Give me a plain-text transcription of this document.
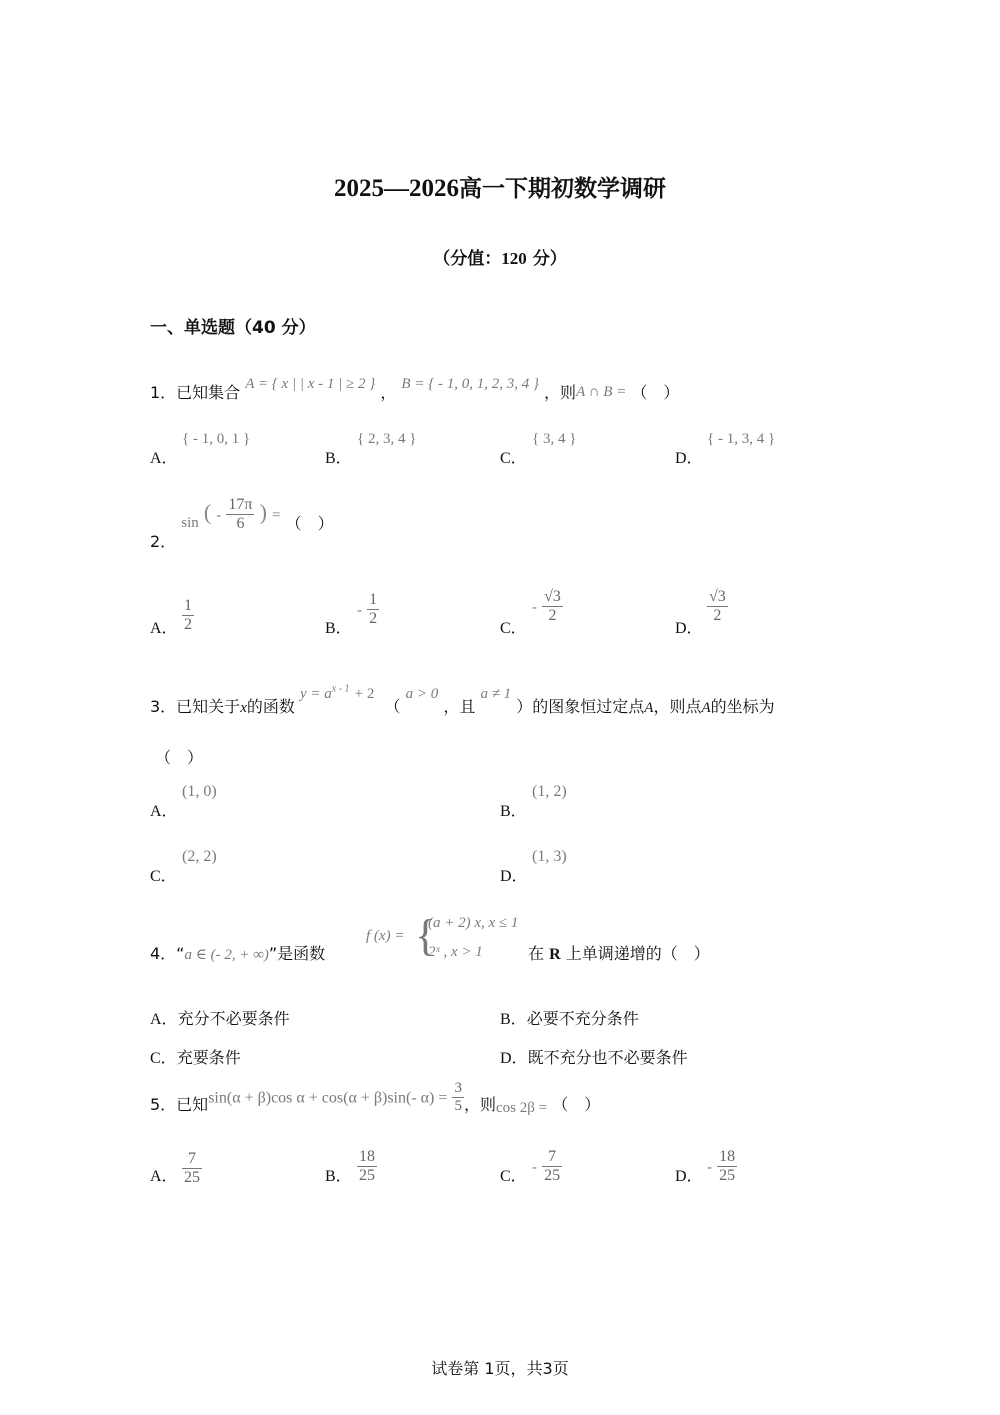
2025—2026高一下期初数学调研
（分值：120 分）
一、单选题（40 分）
1．已知集合 A = { x | | x - 1 | ≥ 2 } ， B = { - 1, 0, 1, 2, 3, 4 } ，则A ∩ B = （　）
A．
{ - 1, 0, 1 }
B．
{ 2, 3, 4 }
C．
{ 3, 4 }
D．
{ - 1, 3, 4 }
2． sin ( - $\frac{17\pi}{6}$ ) = （　）
A． $\frac{1}{2}$	B．
- $\frac{1}{2}$	C．
- $\frac{√3}{2}$
D．
$\frac{√3}{2}$
3．已知关于x的函数 $y = a^{x - 1} + 2$  （ a > 0 ，且 a ≠ 1 ）的图象恒过定点A，则点A的坐标为
（　）
A．
(1, 0)
B．
(1, 2)
C．
(2, 2)
D．
(1, 3)
4．“a ∈ (- 2, + ∞)”是函数
f (x) = {
(a + 2) x, x ≤ 1
2ˣ , x > 1	在 R 上单调递增的（　）
A．充分不必要条件	B．必要不充分条件
C．充要条件	D．既不充分也不必要条件
5．已知sin(α + β)cos α + cos(α + β)sin(- $\alpha) = \frac{3}{5}$ ，则cos 2β = （　）
A． $\frac{7}{25}$	B． $\frac{18}{25}$	C．
- $\frac{7}{25}$	D．
- $\frac{18}{25}$
试卷第 1页，共3页
